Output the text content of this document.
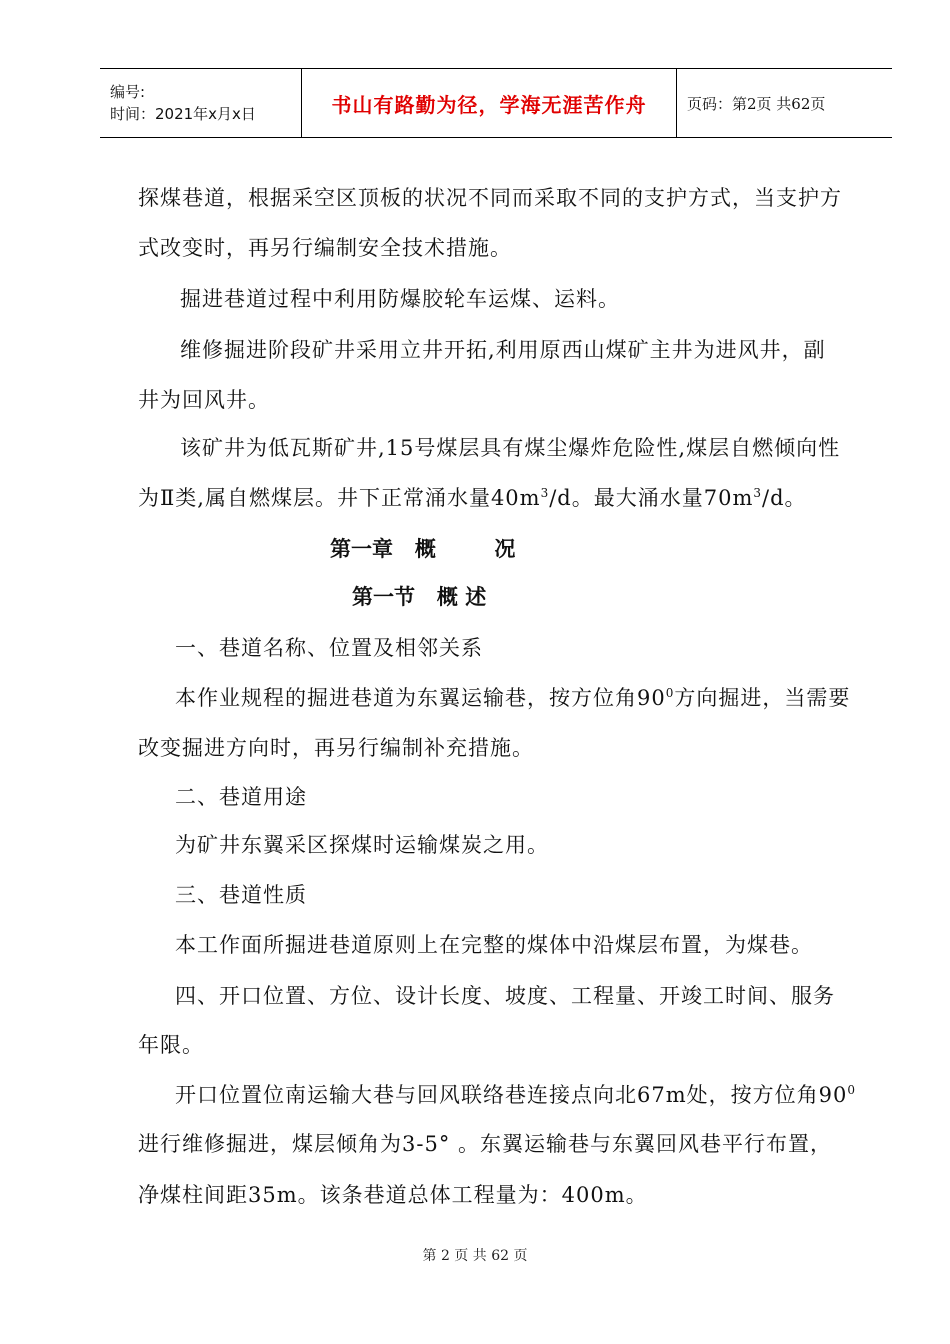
编号:
时间：2021年x月x日	书山有路勤为径，学海无涯苦作舟	页码：第2页 共62页
探煤巷道，根据采空区顶板的状况不同而采取不同的支护方式，当支护方
式改变时，再另行编制安全技术措施。
掘进巷道过程中利用防爆胶轮车运煤、运料。
维修掘进阶段矿井采用立井开拓,利用原西山煤矿主井为进风井，副
井为回风井。
该矿井为低瓦斯矿井,15号煤层具有煤尘爆炸危险性,煤层自燃倾向性
为Ⅱ类,属自燃煤层。井下正常涌水量$40m^3/d$。最大涌水量$70m^3/d$。
第一章   概        况
第一节   概 述
一、巷道名称、位置及相邻关系
本作业规程的掘进巷道为东翼运输巷，按方位角$90^0$方向掘进，当需要
改变掘进方向时，再另行编制补充措施。
二、巷道用途
为矿井东翼采区探煤时运输煤炭之用。
三、巷道性质
本工作面所掘进巷道原则上在完整的煤体中沿煤层布置，为煤巷。
四、开口位置、方位、设计长度、坡度、工程量、开竣工时间、服务
年限。
开口位置位南运输大巷与回风联络巷连接点向北67m处，按方位角$90^0$
进行维修掘进，煤层倾角为3-5° 。东翼运输巷与东翼回风巷平行布置，
净煤柱间距35m。该条巷道总体工程量为：400m。
第 2 页 共 62 页
